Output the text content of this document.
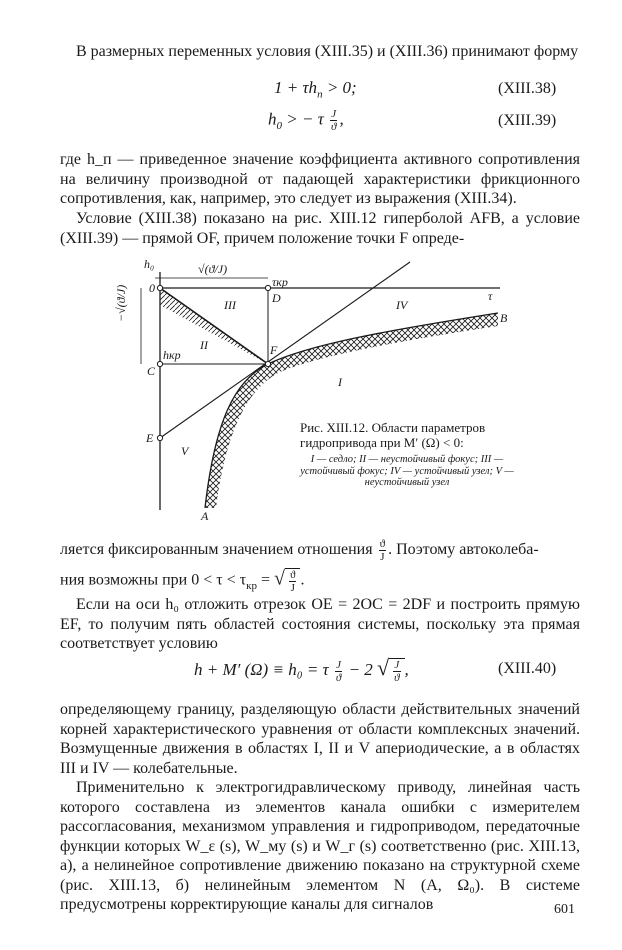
В размерных переменных условия (XIII.35) и (XIII.36) принимают форму

$1 + \tau h_п > 0$;	(XIII.38)
$h_0$ > − τ $\frac{J}{ϑ}$ ,	(XIII.39)

где h_п — приведенное значение коэффициента активного сопротивления на величину производной от падающей характеристики фрикционного сопротивления, как, например, это следует из выражения (XIII.34).

Условие (XIII.38) показано на рис. XIII.12 гиперболой AFB, а условие (XIII.39) — прямой OF, причем положение точки F опреде-

h₀
0
D
τкр
τ
B
C
hкр	F
E
A
√(ϑ/J)
−√(ϑ/J)
I
II
III	IV
V
Рис. XIII.12. Области параметров гидропривода при M′ (Ω) < 0:
I — седло; II — неустойчивый фокус; III — устойчивый фокус; IV — устойчивый узел; V — неустойчивый узел
ляется фиксированным значением отношения $\frac{ϑ}{J}$ . Поэтому автоколеба-
ния возможны при $0 < \tau < \tau_{кр}$ = √ $\frac{ϑ}{J}$ .

Если на оси h₀ отложить отрезок OE = 2OC = 2DF и построить прямую EF, то получим пять областей состояния системы, поскольку эта прямая соответствует условию

h + M′ (Ω) ≡ h₀ = τ $\frac{J}{ϑ} - 2$ √ $\frac{J}{ϑ}$ ,	(XIII.40)

определяющему границу, разделяющую области действительных значений корней характеристического уравнения от области комплексных значений. Возмущенные движения в областях I, II и V апериодические, а в областях III и IV — колебательные.

Применительно к электрогидравлическому приводу, линейная часть которого составлена из элементов канала ошибки с измерителем рассогласования, механизмом управления и гидроприводом, передаточные функции которых W_ε (s), W_му (s) и W_г (s) соответственно (рис. XIII.13, а), а нелинейное сопротивление движению показано на структурной схеме (рис. XIII.13, б) нелинейным элементом N (A, Ω₀). В системе предусмотрены корректирующие каналы для сигналов	601
